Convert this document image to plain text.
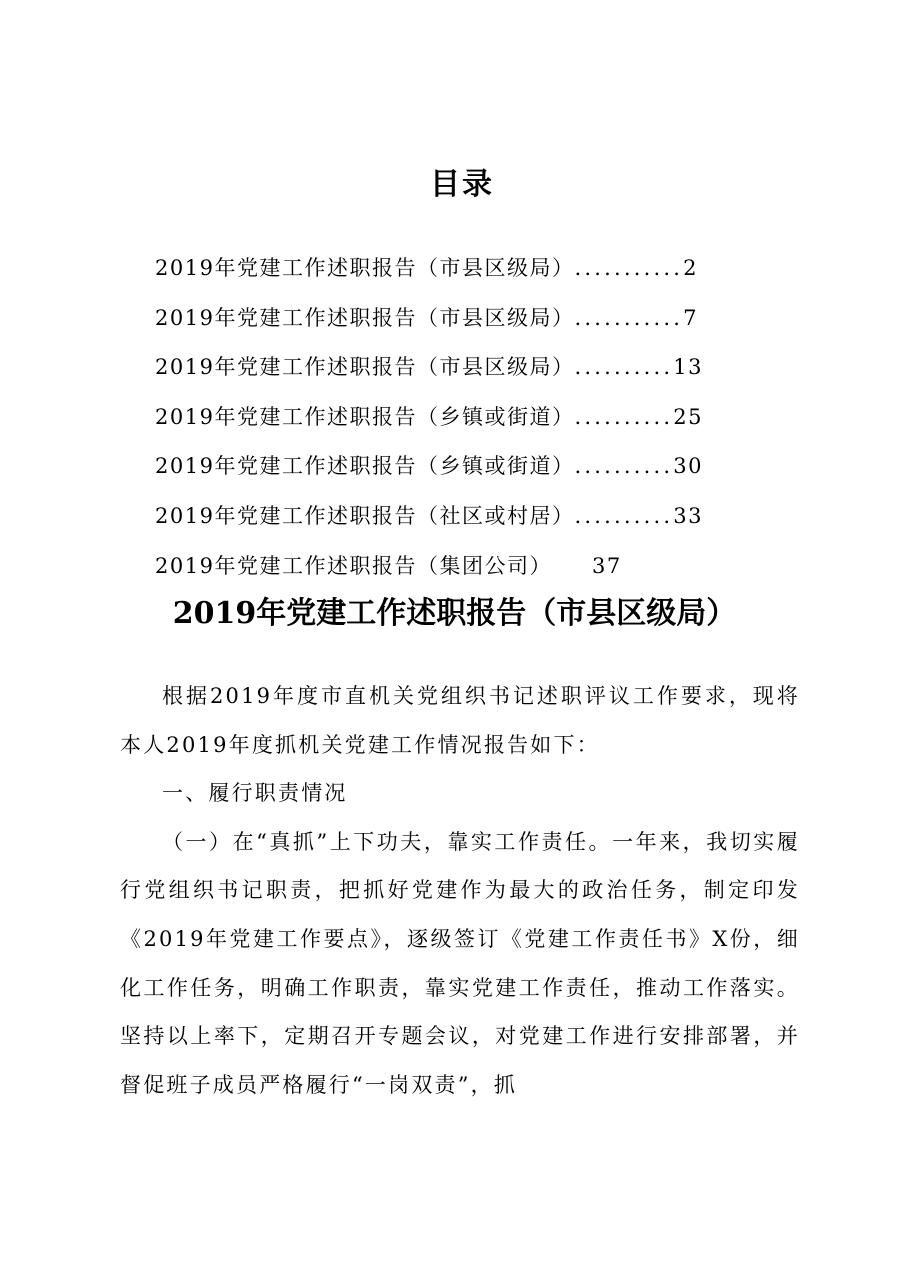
目录
2019年党建工作述职报告（市县区级局）...........2
2019年党建工作述职报告（市县区级局）...........7
2019年党建工作述职报告（市县区级局）..........13
2019年党建工作述职报告（乡镇或街道）..........25
2019年党建工作述职报告（乡镇或街道）..........30
2019年党建工作述职报告（社区或村居）..........33
2019年党建工作述职报告（集团公司） 37
2019年党建工作述职报告（市县区级局）

根据2019年度市直机关党组织书记述职评议工作要求，现将本人2019年度抓机关党建工作情况报告如下：

一、履行职责情况

（一）在“真抓”上下功夫，靠实工作责任。一年来，我切实履行党组织书记职责，把抓好党建作为最大的政治任务，制定印发《2019年党建工作要点》，逐级签订《党建工作责任书》X份，细化工作任务，明确工作职责，靠实党建工作责任，推动工作落实。坚持以上率下，定期召开专题会议，对党建工作进行安排部署，并督促班子成员严格履行“一岗双责”，抓
